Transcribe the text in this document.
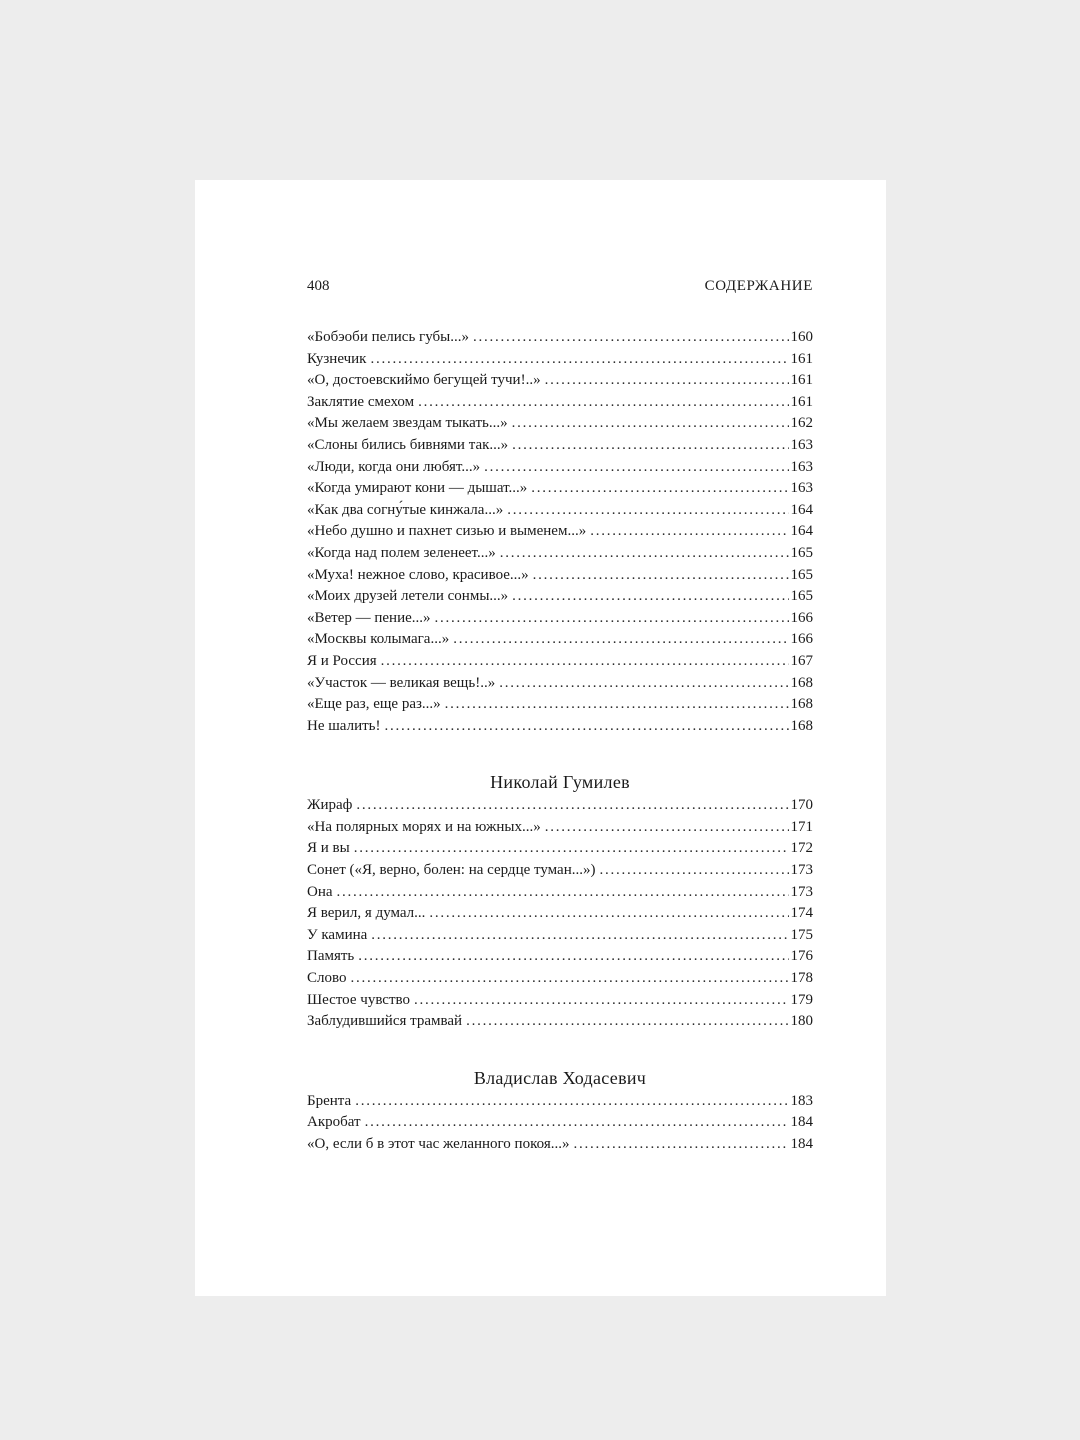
408	СОДЕРЖАНИЕ
«Бобэоби пелись губы...» . . .	160
Кузнечик . . .	161
«О, достоевскиймо бегущей тучи!..» . . .	161
Заклятие смехом . . .	161
«Мы желаем звездам тыкать...» . . .	162
«Слоны бились бивнями так...» . . .	163
«Люди, когда они любят...» . . .	163
«Когда умирают кони — дышат...» . . .	163
«Как два согну́тые кинжала...» . . .	164
«Небо душно и пахнет сизью и выменем...» . . .	164
«Когда над полем зеленеет...» . . .	165
«Муха! нежное слово, красивое...» . . .	165
«Моих друзей летели сонмы...» . . .	165
«Ветер — пение...» . . .	166
«Москвы колымага...» . . .	166
Я и Россия . . .	167
«Участок — великая вещь!..» . . .	168
«Еще раз, еще раз...» . . .	168
Не шалить! . . .	168
Николай Гумилев
Жираф . . .	170
«На полярных морях и на южных...» . . .	171
Я и вы . . .	172
Сонет («Я, верно, болен: на сердце туман...») . . .	173
Она . . .	173
Я верил, я думал... . . .	174
У камина . . .	175
Память . . .	176
Слово . . .	178
Шестое чувство . . .	179
Заблудившийся трамвай . . .	180
Владислав Ходасевич
Брента . . .	183
Акробат . . .	184
«О, если б в этот час желанного покоя...» . . .	184
